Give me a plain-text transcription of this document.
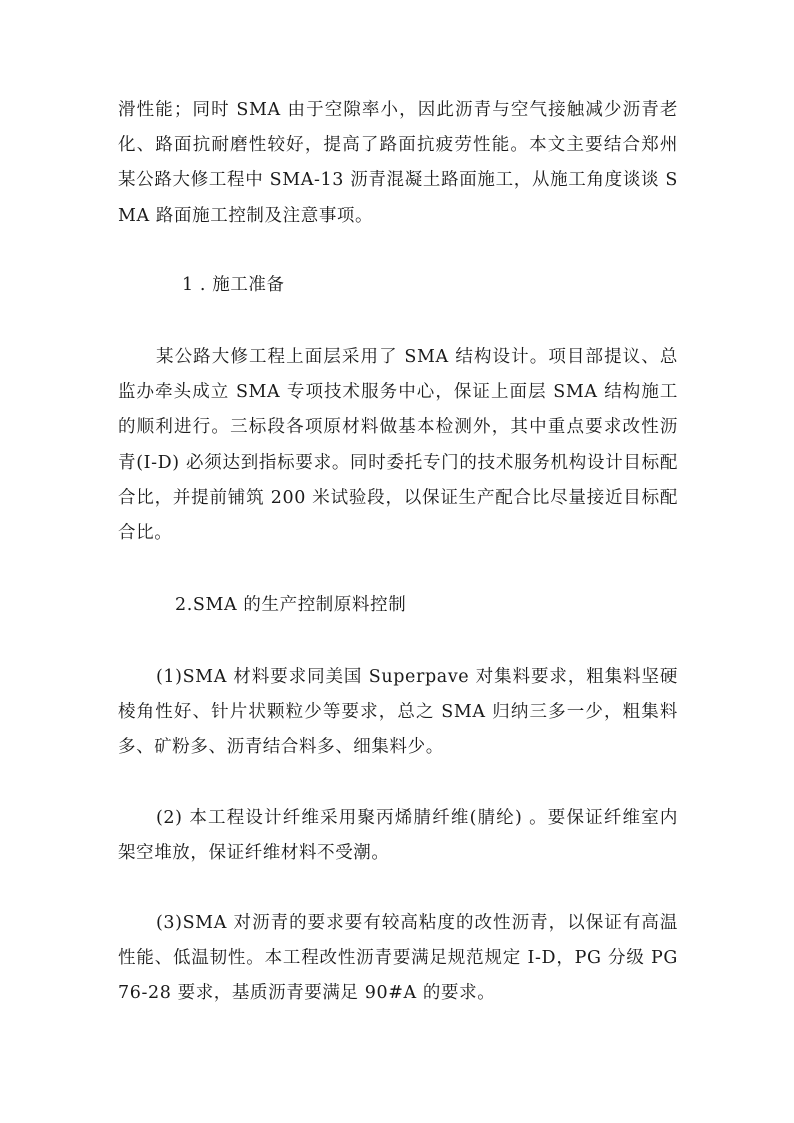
滑性能；同时 SMA 由于空隙率小，因此沥青与空气接触减少沥青老化、路面抗耐磨性较好，提高了路面抗疲劳性能。本文主要结合郑州某公路大修工程中 SMA-13 沥青混凝土路面施工，从施工角度谈谈 SMA 路面施工控制及注意事项。

1 . 施工准备

某公路大修工程上面层采用了 SMA 结构设计。项目部提议、总监办牵头成立 SMA 专项技术服务中心，保证上面层 SMA 结构施工的顺利进行。三标段各项原材料做基本检测外，其中重点要求改性沥青(I-D) 必须达到指标要求。同时委托专门的技术服务机构设计目标配合比，并提前铺筑 200 米试验段，以保证生产配合比尽量接近目标配合比。

2.SMA 的生产控制原料控制

(1)SMA 材料要求同美国 Superpave 对集料要求，粗集料坚硬棱角性好、针片状颗粒少等要求，总之 SMA 归纳三多一少，粗集料多、矿粉多、沥青结合料多、细集料少。

(2) 本工程设计纤维采用聚丙烯腈纤维(腈纶) 。要保证纤维室内架空堆放，保证纤维材料不受潮。

(3)SMA 对沥青的要求要有较高粘度的改性沥青，以保证有高温性能、低温韧性。本工程改性沥青要满足规范规定 I-D，PG 分级 PG76-28 要求，基质沥青要满足 90#A 的要求。
